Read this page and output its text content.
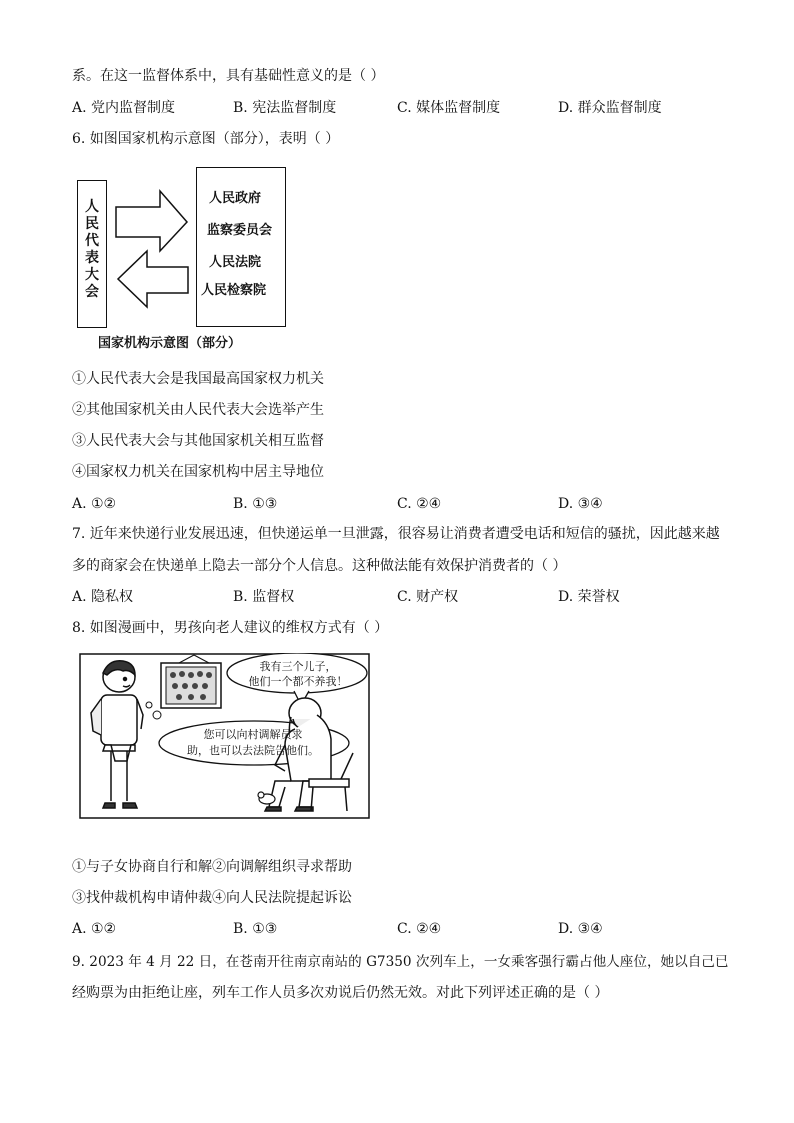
系。在这一监督体系中，具有基础性意义的是（ ）
A. 党内监督制度	B. 宪法监督制度	C. 媒体监督制度	D. 群众监督制度
6. 如图国家机构示意图（部分），表明（ ）
人民代表大会
人民政府
监察委员会
人民法院
人民检察院
国家机构示意图（部分）
①人民代表大会是我国最高国家权力机关
②其他国家机关由人民代表大会选举产生
③人民代表大会与其他国家机关相互监督
④国家权力机关在国家机构中居主导地位
A. ①②	B. ①③	C. ②④	D. ③④
7. 近年来快递行业发展迅速，但快递运单一旦泄露，很容易让消费者遭受电话和短信的骚扰，因此越来越
多的商家会在快递单上隐去一部分个人信息。这种做法能有效保护消费者的（ ）
A. 隐私权	B. 监督权	C. 财产权	D. 荣誉权
8. 如图漫画中，男孩向老人建议的维权方式有（ ）
我有三个儿子，
他们一个都不养我！
您可以向村调解员求
助，也可以去法院告他们。
①与子女协商自行和解②向调解组织寻求帮助
③找仲裁机构申请仲裁④向人民法院提起诉讼
A. ①②	B. ①③	C. ②④	D. ③④
9. 2023 年 4 月 22 日，在苍南开往南京南站的 G7350 次列车上，一女乘客强行霸占他人座位，她以自己已
经购票为由拒绝让座，列车工作人员多次劝说后仍然无效。对此下列评述正确的是（ ）
